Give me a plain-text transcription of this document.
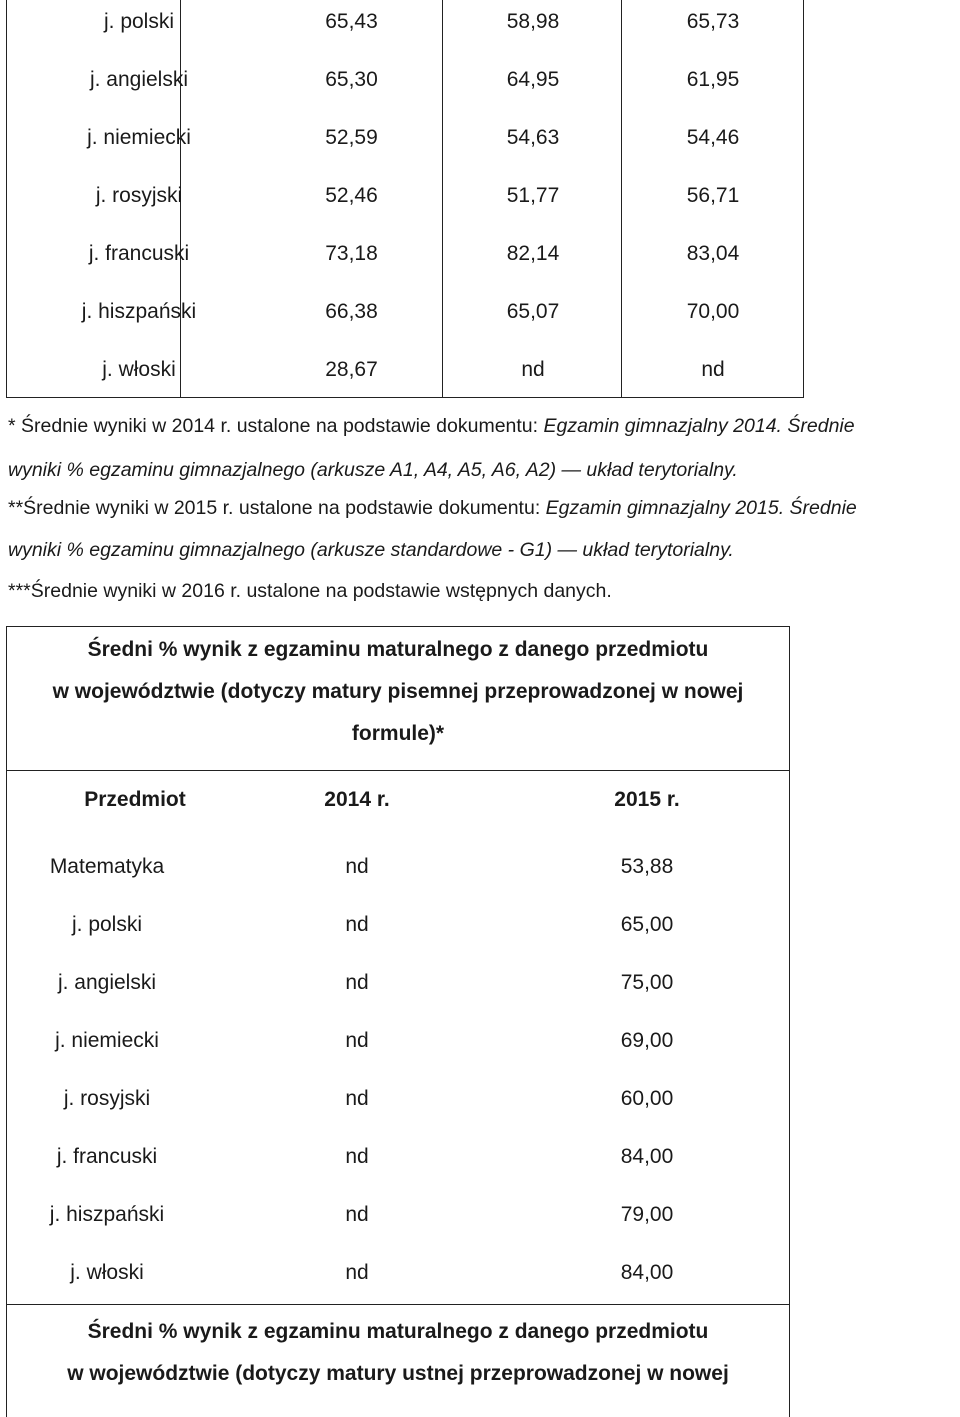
j. polski	65,43	58,98	65,73
j. angielski	65,30	64,95	61,95
j. niemiecki	52,59	54,63	54,46
j. rosyjski	52,46	51,77	56,71
j. francuski	73,18	82,14	83,04
j. hiszpański	66,38	65,07	70,00
j. włoski	28,67	nd	nd
* Średnie wyniki w 2014 r. ustalone na podstawie dokumentu: Egzamin gimnazjalny 2014. Średnie
wyniki % egzaminu gimnazjalnego (arkusze A1, A4, A5, A6, A2) — układ terytorialny.
**Średnie wyniki w 2015 r. ustalone na podstawie dokumentu: Egzamin gimnazjalny 2015. Średnie
wyniki % egzaminu gimnazjalnego (arkusze standardowe - G1) — układ terytorialny.
***Średnie wyniki w 2016 r. ustalone na podstawie wstępnych danych.
Średni % wynik z egzaminu maturalnego z danego przedmiotu
w województwie (dotyczy matury pisemnej przeprowadzonej w nowej
formule)*
Przedmiot	2014 r.	2015 r.
Matematyka	nd	53,88
j. polski	nd	65,00
j. angielski	nd	75,00
j. niemiecki	nd	69,00
j. rosyjski	nd	60,00
j. francuski	nd	84,00
j. hiszpański	nd	79,00
j. włoski	nd	84,00
Średni % wynik z egzaminu maturalnego z danego przedmiotu
w województwie (dotyczy matury ustnej przeprowadzonej w nowej
